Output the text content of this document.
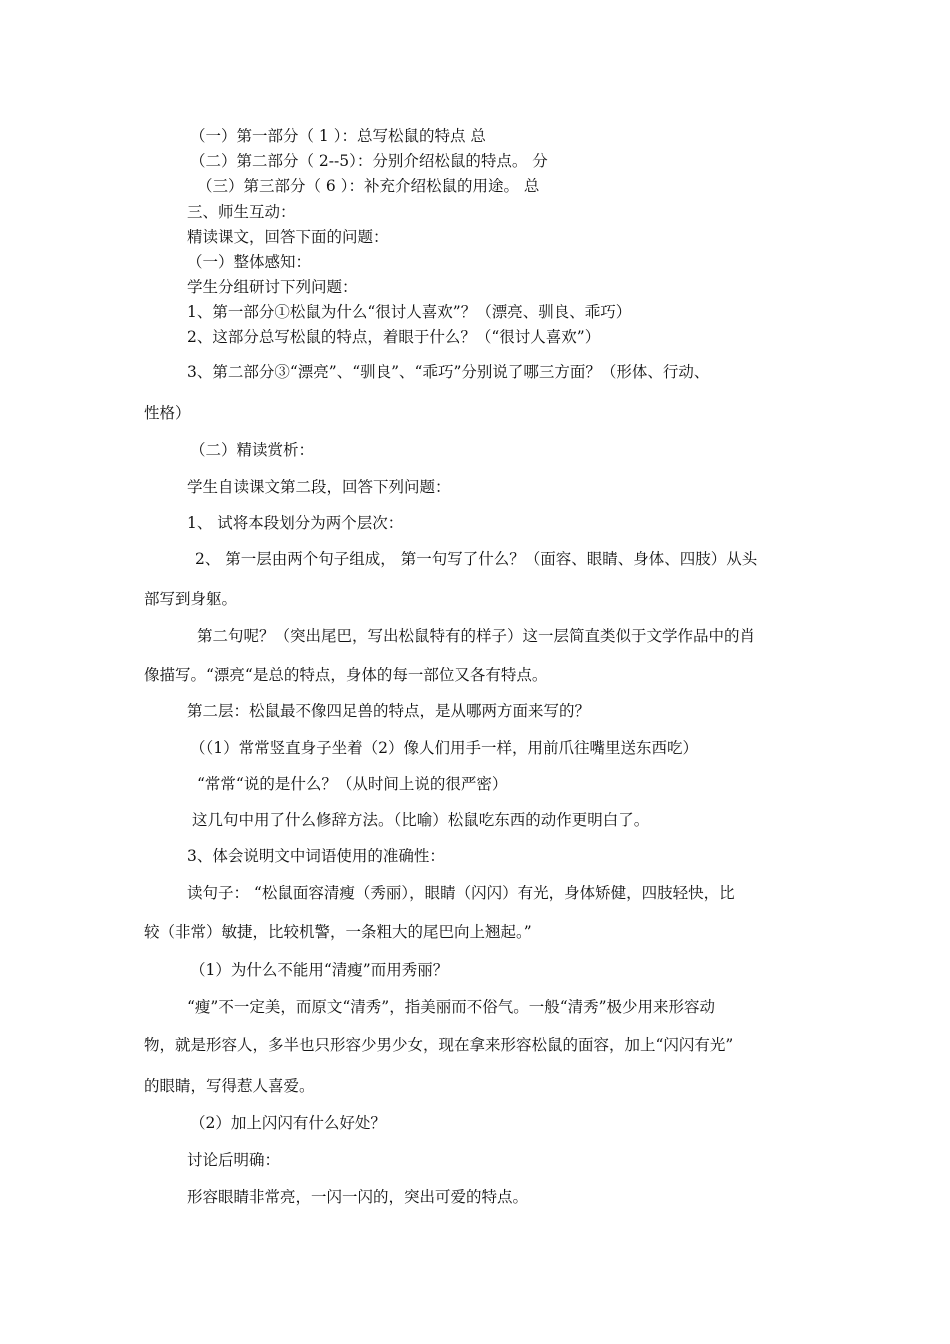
（一）第一部分（ 1 ）：总写松鼠的特点 总
（二）第二部分（ 2--5）：分别介绍松鼠的特点。 分
（三）第三部分（ 6 ）：补充介绍松鼠的用途。 总
三、师生互动：
精读课文，回答下面的问题：
（一）整体感知：
学生分组研讨下列问题：
1、第一部分①松鼠为什么“很讨人喜欢”？（漂亮、驯良、乖巧）
2、这部分总写松鼠的特点，着眼于什么？（“很讨人喜欢”）
3、第二部分③“漂亮”、“驯良”、“乖巧”分别说了哪三方面？（形体、行动、
性格）
（二）精读赏析：
学生自读课文第二段，回答下列问题：
1、 试将本段划分为两个层次：
2、 第一层由两个句子组成， 第一句写了什么？（面容、眼睛、身体、四肢）从头
部写到身躯。
第二句呢？（突出尾巴，写出松鼠特有的样子）这一层简直类似于文学作品中的肖
像描写。“漂亮“是总的特点，身体的每一部位又各有特点。
第二层：松鼠最不像四足兽的特点，是从哪两方面来写的？
（（1）常常竖直身子坐着（2）像人们用手一样，用前爪往嘴里送东西吃）
“常常“说的是什么？（从时间上说的很严密）
这几句中用了什么修辞方法。（比喻）松鼠吃东西的动作更明白了。
3、体会说明文中词语使用的准确性：
读句子： “松鼠面容清瘦（秀丽），眼睛（闪闪）有光，身体矫健，四肢轻快，比
较（非常）敏捷，比较机警，一条粗大的尾巴向上翘起。”
（1）为什么不能用“清瘦”而用秀丽？
“瘦”不一定美，而原文“清秀”，指美丽而不俗气。一般“清秀”极少用来形容动
物，就是形容人，多半也只形容少男少女，现在拿来形容松鼠的面容，加上“闪闪有光”
的眼睛，写得惹人喜爱。
（2）加上闪闪有什么好处？
讨论后明确：
形容眼睛非常亮，一闪一闪的，突出可爱的特点。
